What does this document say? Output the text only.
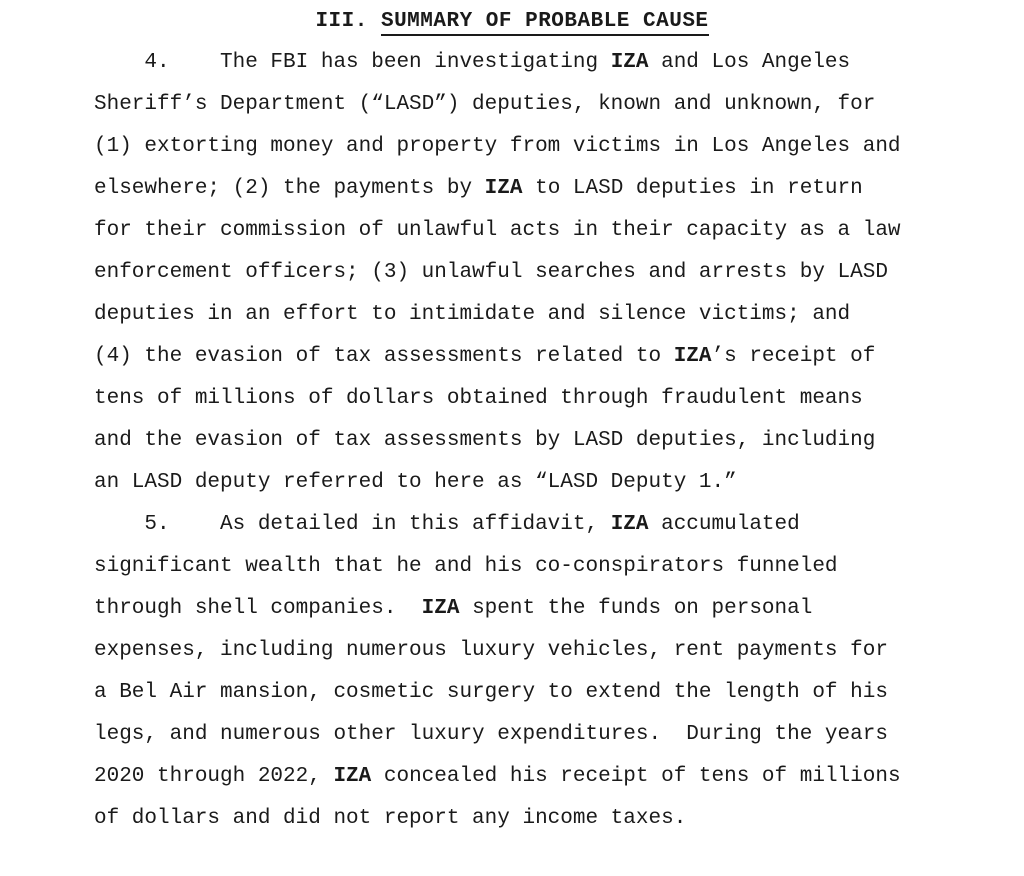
III. SUMMARY OF PROBABLE CAUSE
4.    The FBI has been investigating IZA and Los Angeles
Sheriff’s Department (“LASD”) deputies, known and unknown, for
(1) extorting money and property from victims in Los Angeles and
elsewhere; (2) the payments by IZA to LASD deputies in return
for their commission of unlawful acts in their capacity as a law
enforcement officers; (3) unlawful searches and arrests by LASD
deputies in an effort to intimidate and silence victims; and
(4) the evasion of tax assessments related to IZA’s receipt of
tens of millions of dollars obtained through fraudulent means
and the evasion of tax assessments by LASD deputies, including
an LASD deputy referred to here as “LASD Deputy 1.”
5.    As detailed in this affidavit, IZA accumulated
significant wealth that he and his co-conspirators funneled
through shell companies.  IZA spent the funds on personal
expenses, including numerous luxury vehicles, rent payments for
a Bel Air mansion, cosmetic surgery to extend the length of his
legs, and numerous other luxury expenditures.  During the years
2020 through 2022, IZA concealed his receipt of tens of millions
of dollars and did not report any income taxes.
